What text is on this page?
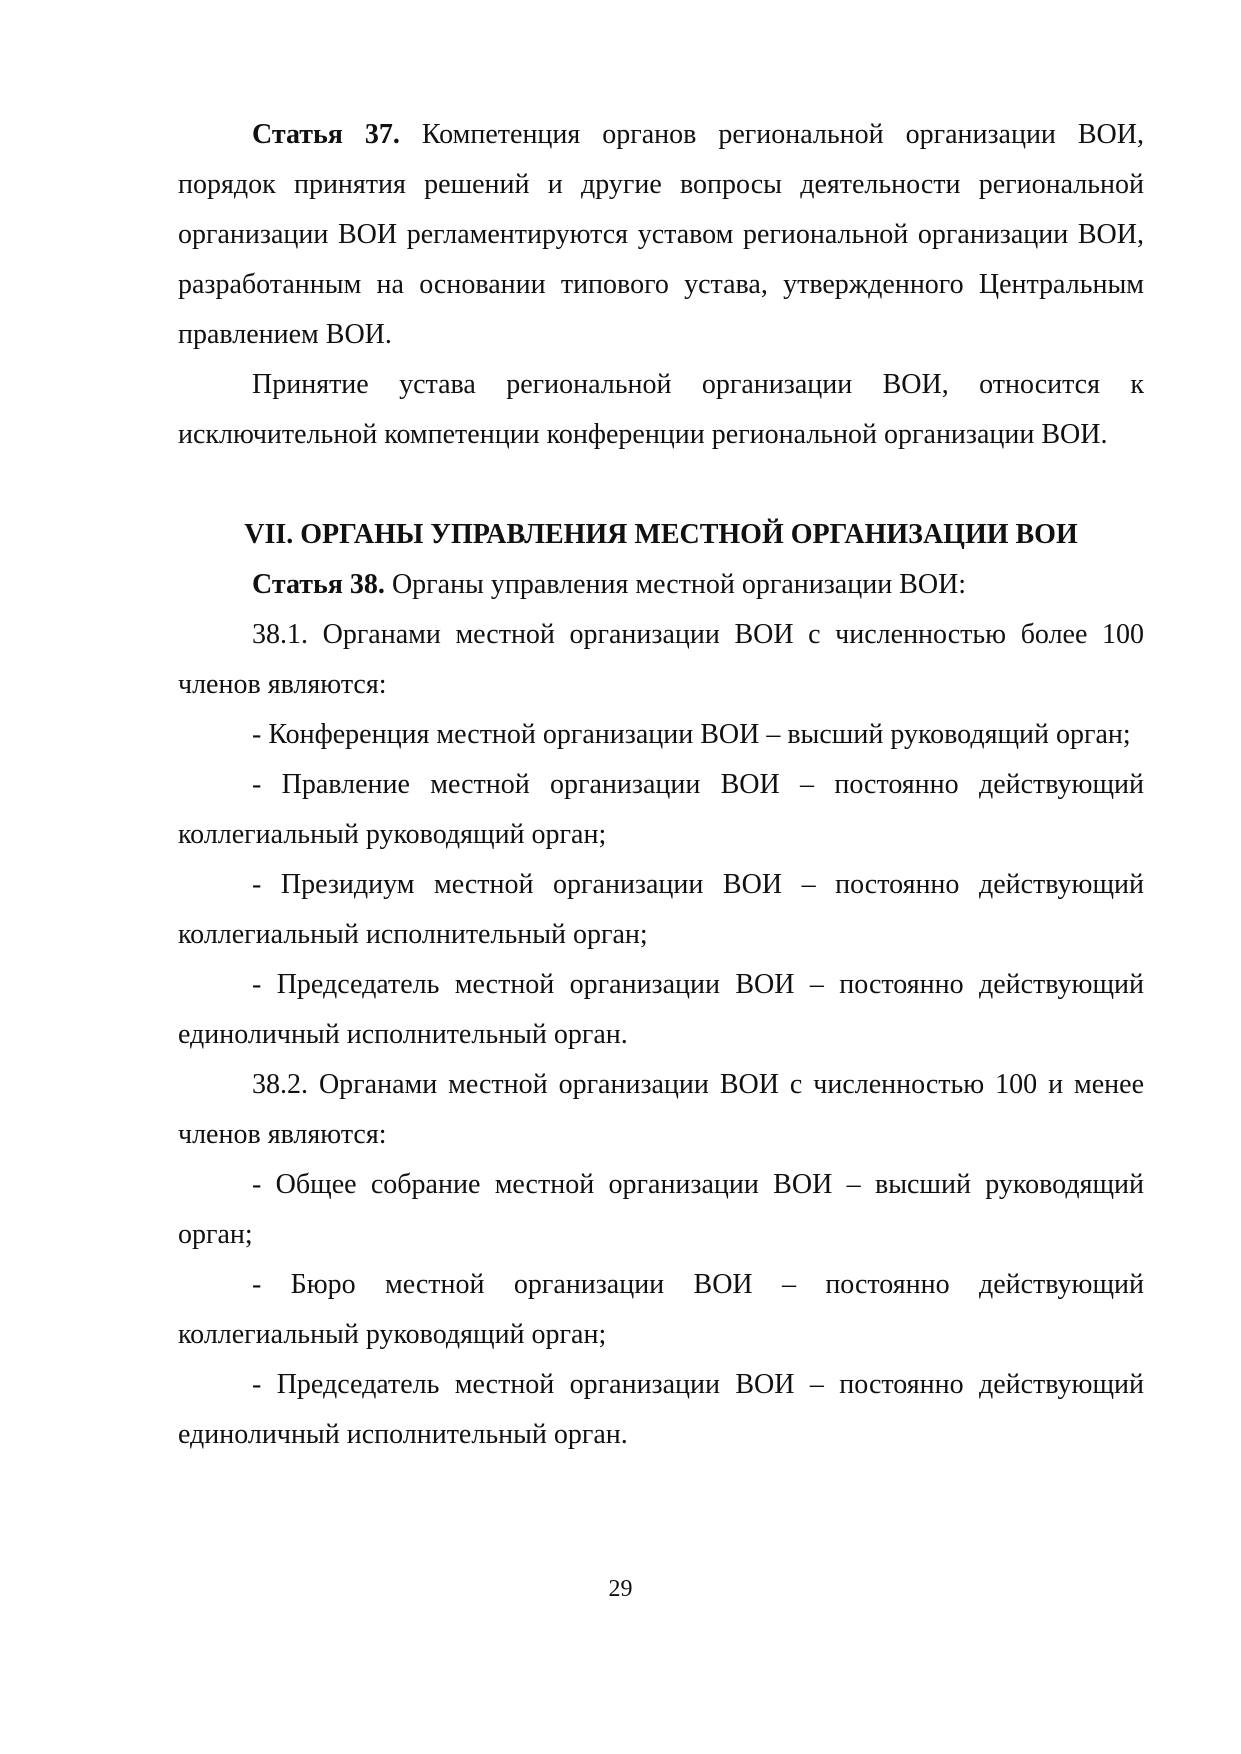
Статья 37. Компетенция органов региональной организации ВОИ, порядок принятия решений и другие вопросы деятельности региональной организации ВОИ регламентируются уставом региональной организации ВОИ, разработанным на основании типового устава, утвержденного Центральным правлением ВОИ.

Принятие устава региональной организации ВОИ, относится к исключительной компетенции конференции региональной организации ВОИ.

VII. ОРГАНЫ УПРАВЛЕНИЯ МЕСТНОЙ ОРГАНИЗАЦИИ ВОИ

Статья 38. Органы управления местной организации ВОИ:

38.1. Органами местной организации ВОИ с численностью более 100 членов являются:

- Конференция местной организации ВОИ – высший руководящий орган;

- Правление местной организации ВОИ – постоянно действующий коллегиальный руководящий орган;

- Президиум местной организации ВОИ – постоянно действующий коллегиальный исполнительный орган;

- Председатель местной организации ВОИ – постоянно действующий единоличный исполнительный орган.

38.2. Органами местной организации ВОИ с численностью 100 и менее членов являются:

- Общее собрание местной организации ВОИ – высший руководящий орган;

- Бюро местной организации ВОИ – постоянно действующий коллегиальный руководящий орган;

- Председатель местной организации ВОИ – постоянно действующий единоличный исполнительный орган.

29
